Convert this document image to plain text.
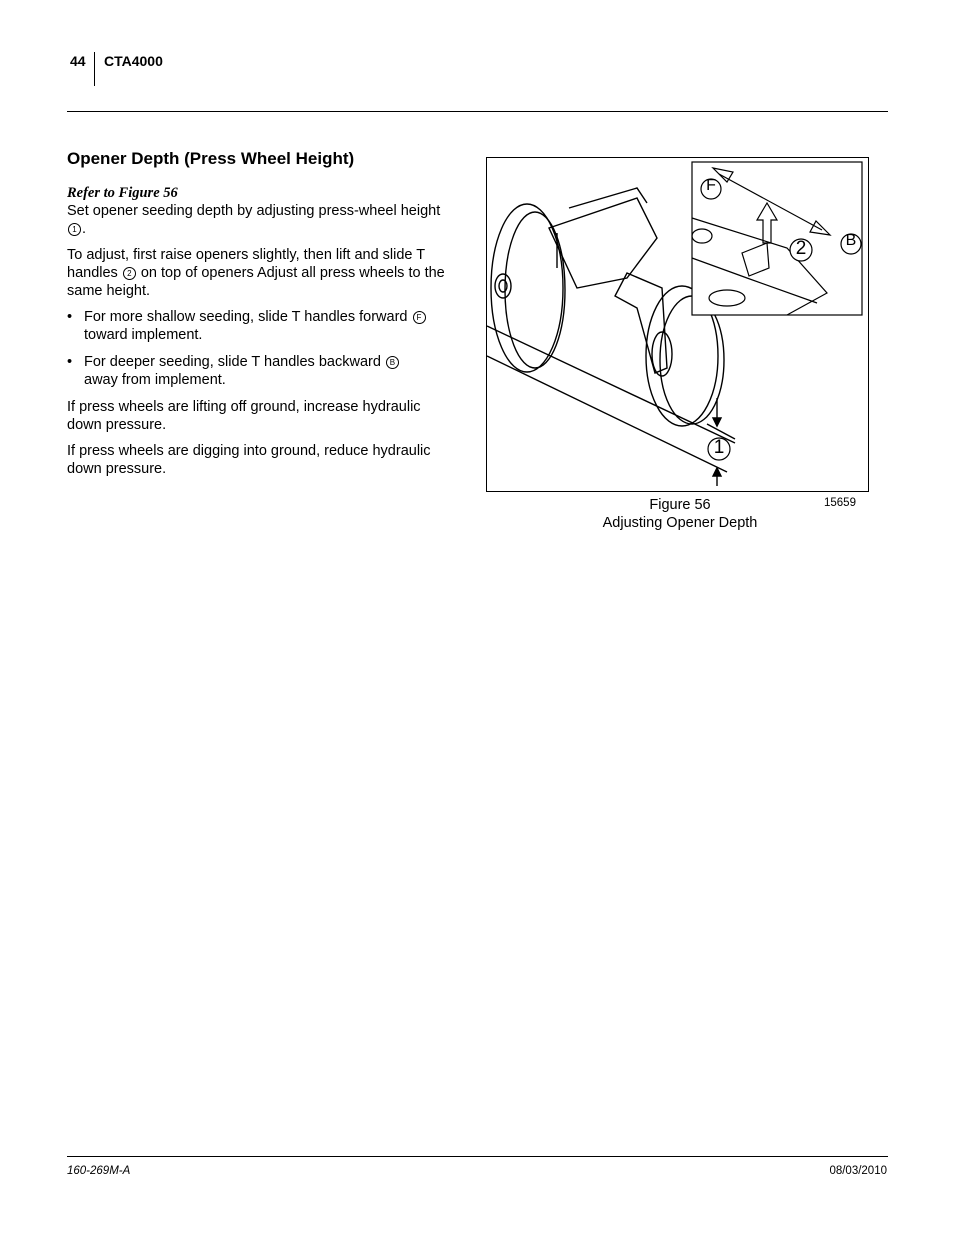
44 CTA4000
Opener Depth (Press Wheel Height)

Refer to Figure 56

Set opener seeding depth by adjusting press-wheel height 1 .

To adjust, first raise openers slightly, then lift and slide T handles 2 on top of openers Adjust all press wheels to the same height.

• For more shallow seeding, slide T handles forward F
toward implement.
• For deeper seeding, slide T handles backward B
away from implement.

If press wheels are lifting off ground, increase hydraulic down pressure.

If press wheels are digging into ground, reduce hydraulic down pressure.

F
2	B
1
Figure 56
Adjusting Opener Depth
15659
160-269M-A	08/03/2010
